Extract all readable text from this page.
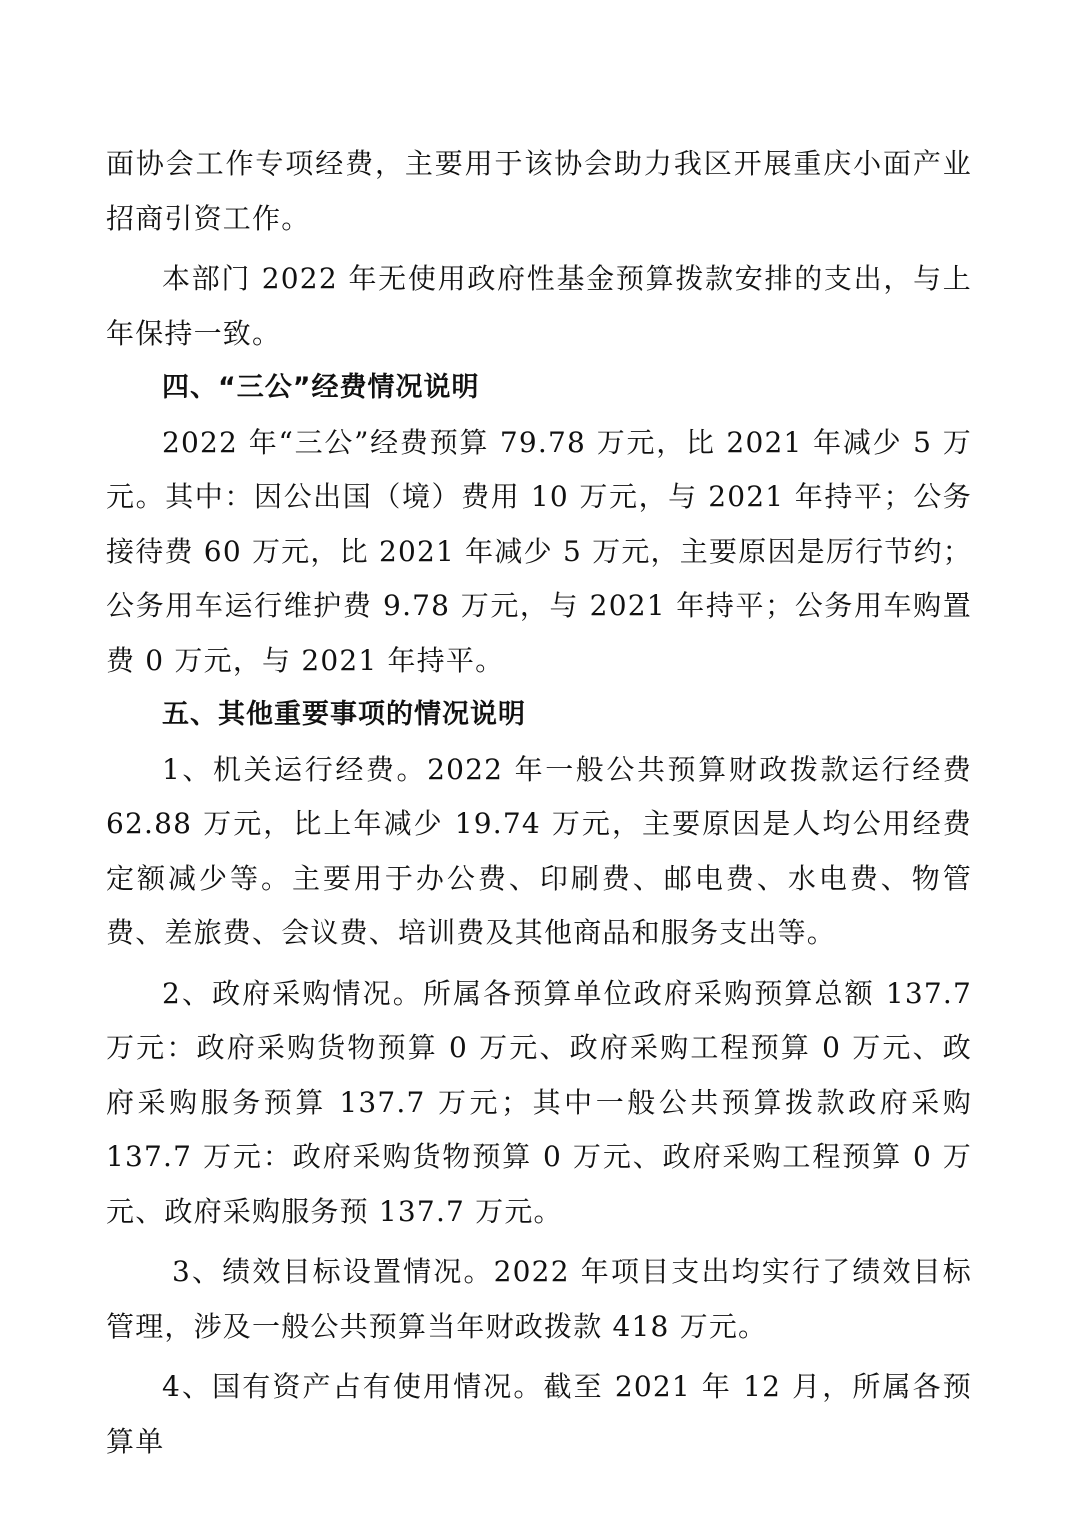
面协会工作专项经费，主要用于该协会助力我区开展重庆小面产业招商引资工作。

本部门 2022 年无使用政府性基金预算拨款安排的支出，与上年保持一致。

四、“三公”经费情况说明

2022 年“三公”经费预算 79.78 万元，比 2021 年减少 5 万元。其中：因公出国（境）费用 10 万元，与 2021 年持平；公务接待费 60 万元，比 2021 年减少 5 万元，主要原因是厉行节约；公务用车运行维护费 9.78 万元，与 2021 年持平；公务用车购置费 0 万元，与 2021 年持平。

五、其他重要事项的情况说明

1、机关运行经费。2022 年一般公共预算财政拨款运行经费 62.88 万元，比上年减少 19.74 万元，主要原因是人均公用经费定额减少等。主要用于办公费、印刷费、邮电费、水电费、物管费、差旅费、会议费、培训费及其他商品和服务支出等。

2、政府采购情况。所属各预算单位政府采购预算总额 137.7 万元：政府采购货物预算 0 万元、政府采购工程预算 0 万元、政府采购服务预算 137.7 万元；其中一般公共预算拨款政府采购 137.7 万元：政府采购货物预算 0 万元、政府采购工程预算 0 万元、政府采购服务预 137.7 万元。

3、绩效目标设置情况。2022 年项目支出均实行了绩效目标管理，涉及一般公共预算当年财政拨款 418 万元。

4、国有资产占有使用情况。截至 2021 年 12 月，所属各预算单
